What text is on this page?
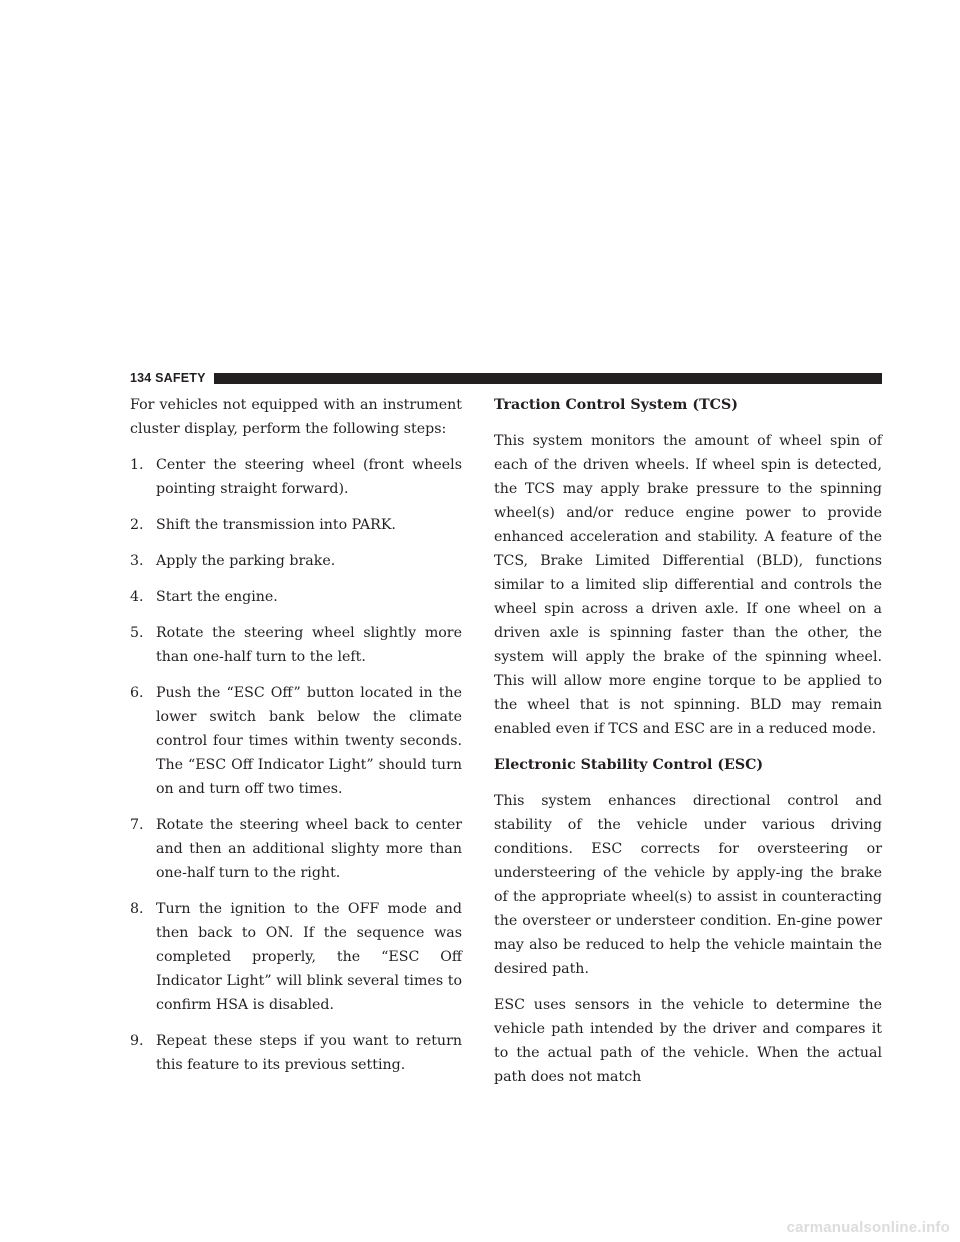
134 SAFETY

For vehicles not equipped with an instrument cluster display, perform the following steps:

1. Center the steering wheel (front wheels pointing straight forward).
2. Shift the transmission into PARK.
3. Apply the parking brake.
4. Start the engine.
5. Rotate the steering wheel slightly more than one-half turn to the left.
6. Push the “ESC Off” button located in the lower switch bank below the climate control four times within twenty seconds. The “ESC Off Indicator Light” should turn on and turn off two times.
7. Rotate the steering wheel back to center and then an additional slighty more than one-half turn to the right.
8. Turn the ignition to the OFF mode and then back to ON. If the sequence was completed properly, the “ESC Off Indicator Light” will blink several times to confirm HSA is disabled.
9. Repeat these steps if you want to return this feature to its previous setting.
Traction Control System (TCS)

This system monitors the amount of wheel spin of each of the driven wheels. If wheel spin is detected, the TCS may apply brake pressure to the spinning wheel(s) and/or reduce engine power to provide enhanced acceleration and stability. A feature of the TCS, Brake Limited Differential (BLD), functions similar to a limited slip differential and controls the wheel spin across a driven axle. If one wheel on a driven axle is spinning faster than the other, the system will apply the brake of the spinning wheel. This will allow more engine torque to be applied to the wheel that is not spinning. BLD may remain enabled even if TCS and ESC are in a reduced mode.

Electronic Stability Control (ESC)

This system enhances directional control and stability of the vehicle under various driving conditions. ESC corrects for oversteering or understeering of the vehicle by apply-ing the brake of the appropriate wheel(s) to assist in counteracting the oversteer or understeer condition. En-gine power may also be reduced to help the vehicle maintain the desired path.

ESC uses sensors in the vehicle to determine the vehicle path intended by the driver and compares it to the actual path of the vehicle. When the actual path does not match

carmanualsonline.info
